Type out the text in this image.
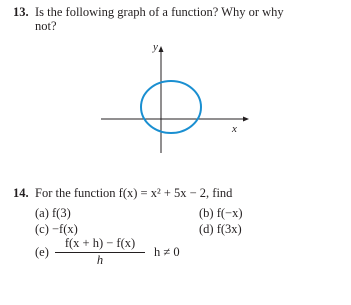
13. Is the following graph of a function? Why or why
not?
y
x
14. For the function f(x) = x² + 5x − 2, find
(a) f(3)	(b) f(−x)
(c) −f(x)	(d) f(3x)
(e)
f(x + h) − f(x)
h
h ≠ 0
